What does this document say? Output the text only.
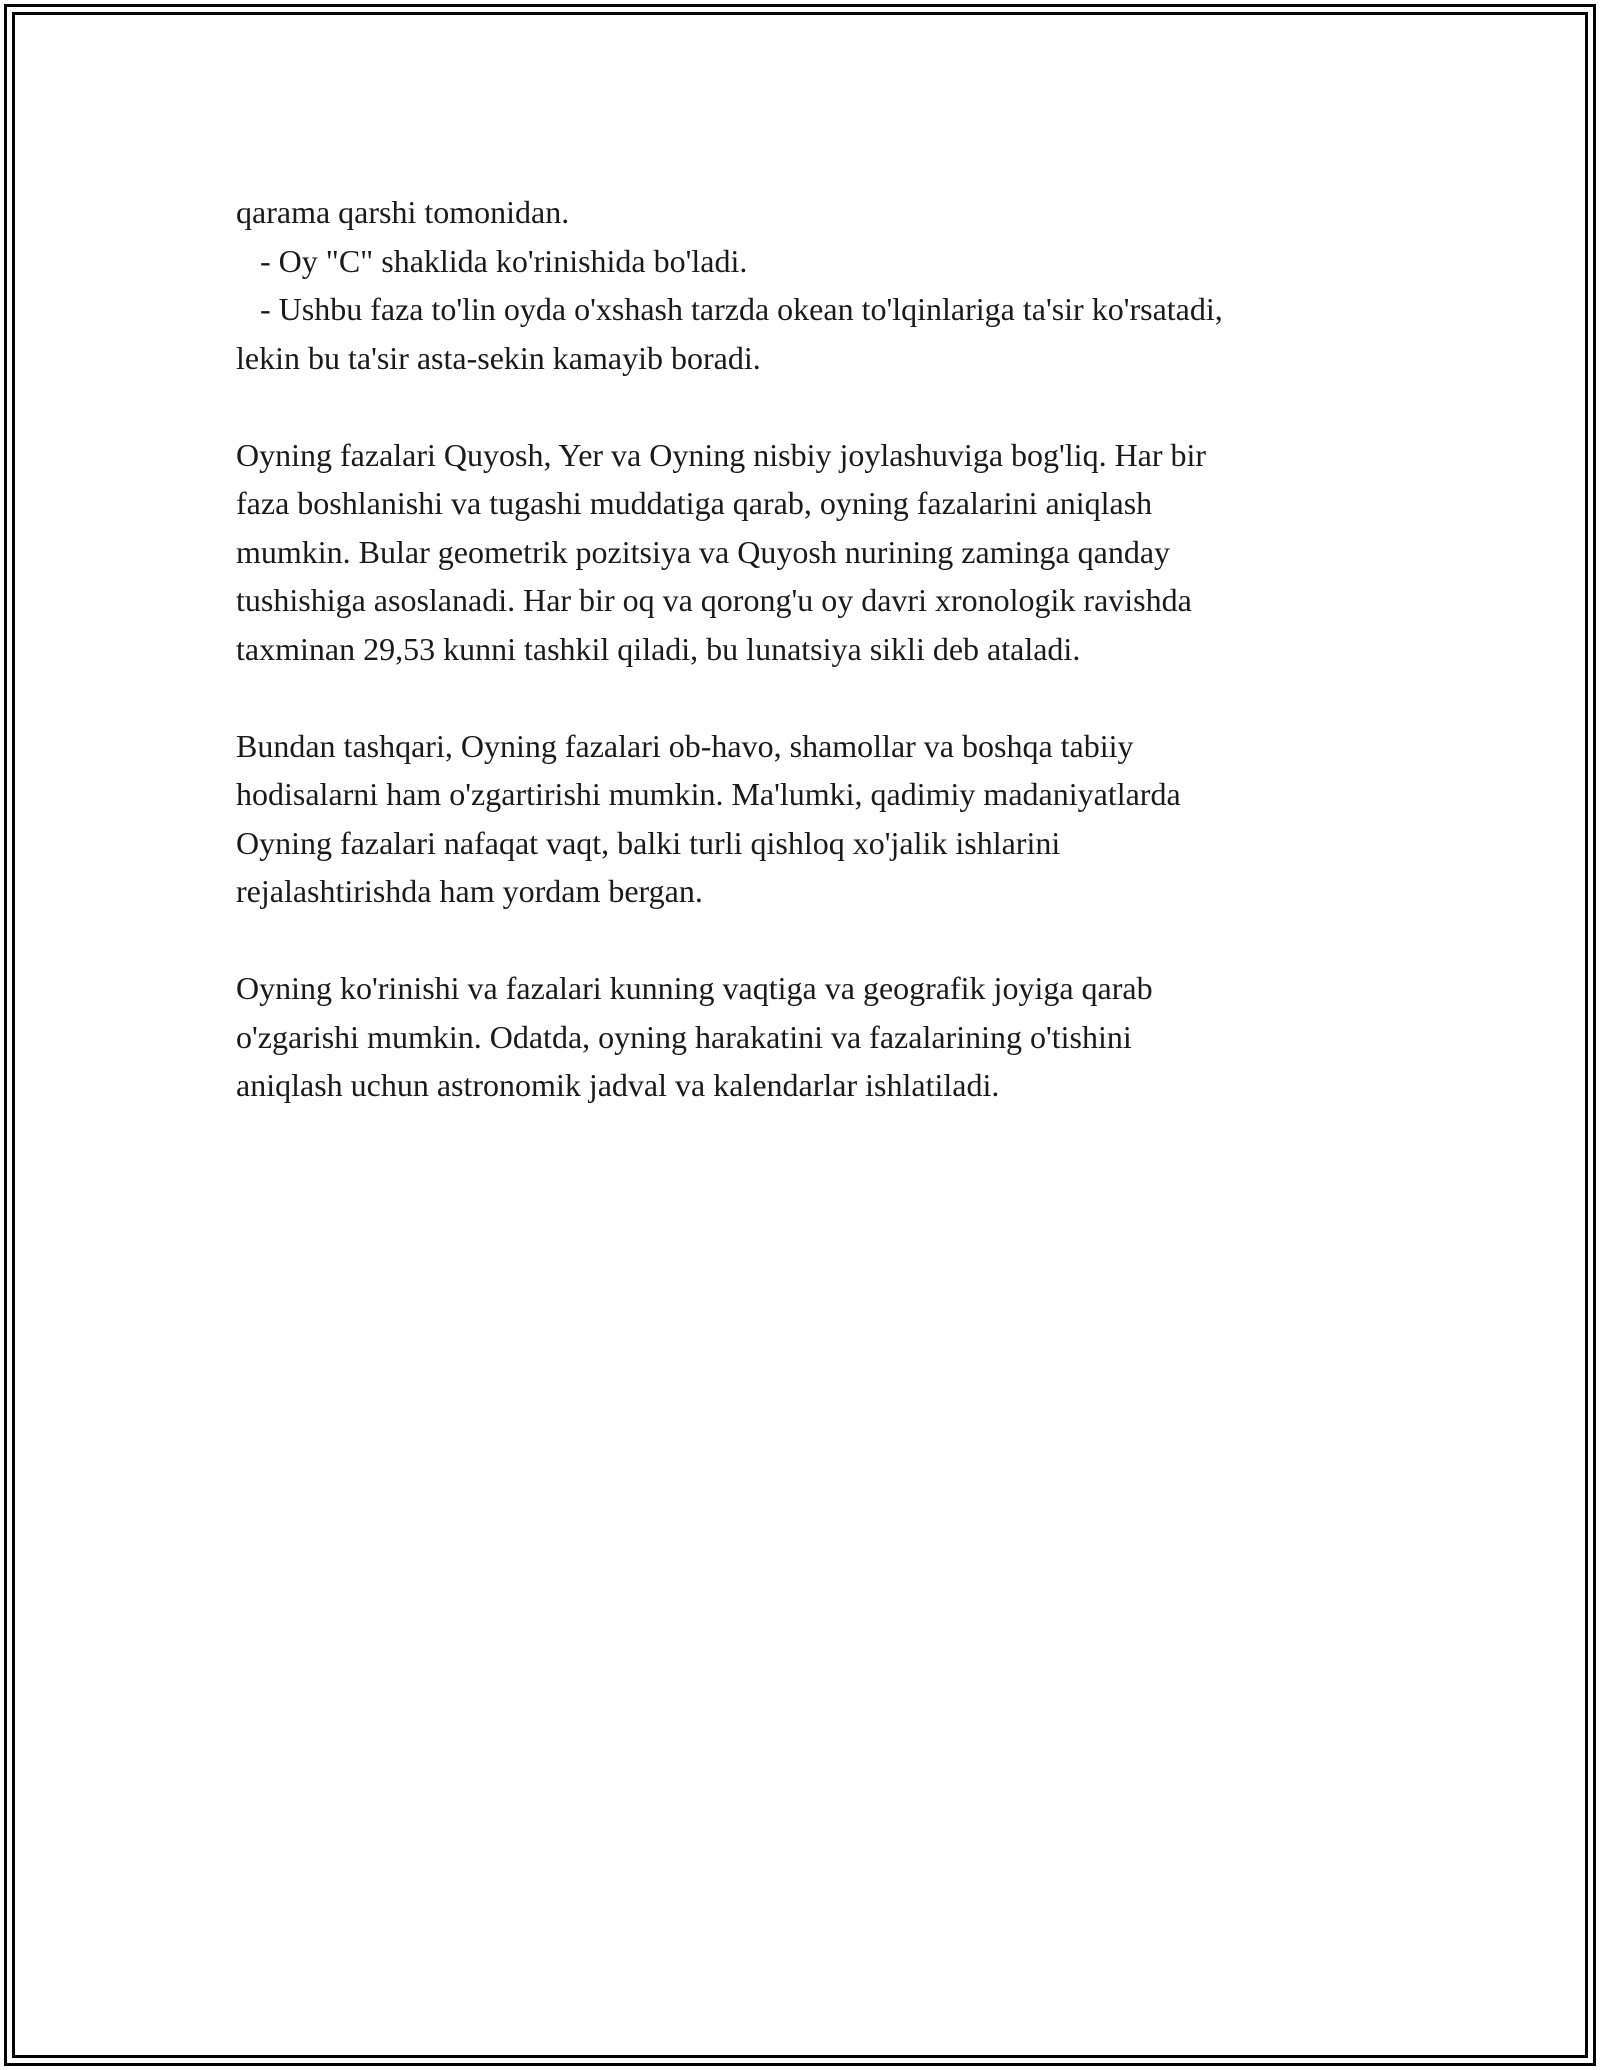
qarama qarshi tomonidan.
- Oy "C" shaklida ko'rinishida bo'ladi.
- Ushbu faza to'lin oyda o'xshash tarzda okean to'lqinlariga ta'sir ko'rsatadi,
lekin bu ta'sir asta-sekin kamayib boradi.

Oyning fazalari Quyosh, Yer va Oyning nisbiy joylashuviga bog'liq. Har bir
faza boshlanishi va tugashi muddatiga qarab, oyning fazalarini aniqlash
mumkin. Bular geometrik pozitsiya va Quyosh nurining zaminga qanday
tushishiga asoslanadi. Har bir oq va qorong'u oy davri xronologik ravishda
taxminan 29,53 kunni tashkil qiladi, bu lunatsiya sikli deb ataladi.

Bundan tashqari, Oyning fazalari ob-havo, shamollar va boshqa tabiiy
hodisalarni ham o'zgartirishi mumkin. Ma'lumki, qadimiy madaniyatlarda
Oyning fazalari nafaqat vaqt, balki turli qishloq xo'jalik ishlarini
rejalashtirishda ham yordam bergan.

Oyning ko'rinishi va fazalari kunning vaqtiga va geografik joyiga qarab
o'zgarishi mumkin. Odatda, oyning harakatini va fazalarining o'tishini
aniqlash uchun astronomik jadval va kalendarlar ishlatiladi.
